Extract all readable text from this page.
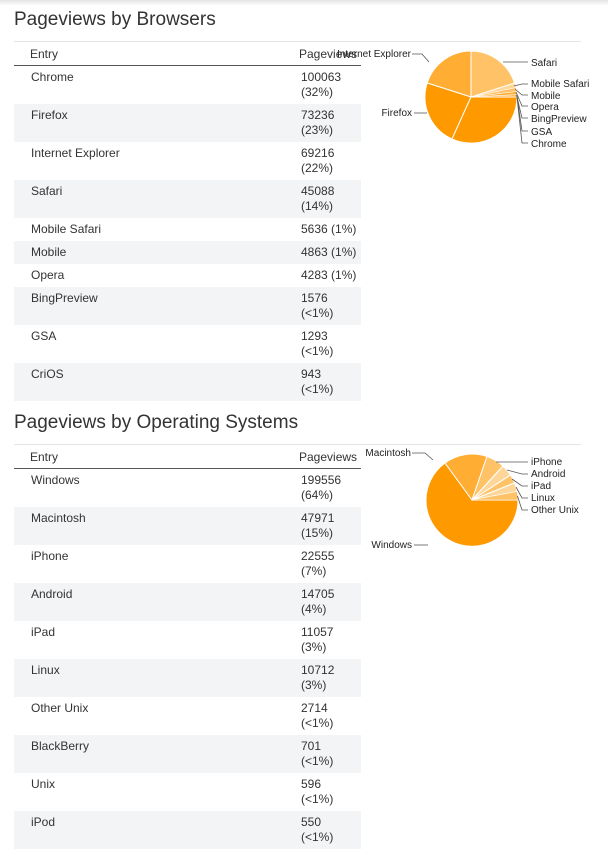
Pageviews by Browsers
Entry	Pageviews
Chrome	100063
(32%)
Firefox	73236
(23%)
Internet Explorer	69216
(22%)
Safari	45088
(14%)
Mobile Safari	5636 (1%)
Mobile	4863 (1%)
Opera	4283 (1%)
BingPreview	1576
(<1%)
GSA	1293
(<1%)
CriOS	943
(<1%)
Internet Explorer
Firefox
Safari
Mobile Safari
Mobile
Opera
BingPreview
GSA
Chrome
Pageviews by Operating Systems
Entry	Pageviews
Windows	199556
(64%)
Macintosh	47971
(15%)
iPhone	22555
(7%)
Android	14705
(4%)
iPad	11057
(3%)
Linux	10712
(3%)
Other Unix	2714
(<1%)
BlackBerry	701
(<1%)
Unix	596
(<1%)
iPod	550
(<1%)
Macintosh
Windows
iPhone
Android
iPad
Linux
Other Unix
